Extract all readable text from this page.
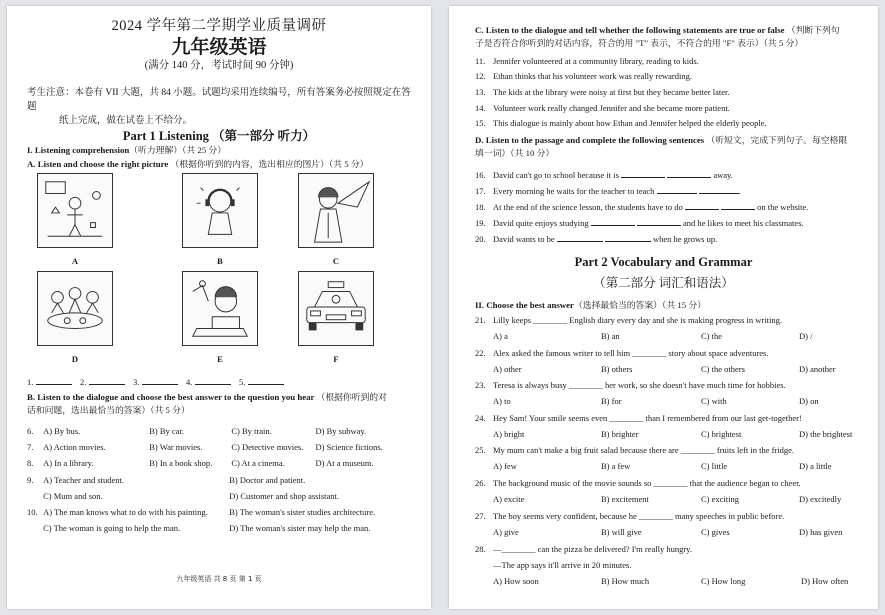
2024 学年第二学期学业质量调研
九年级英语
(满分 140 分，考试时间 90 分钟)
考生注意：本卷有 VII 大题，共 84 小题。试题均采用连续编号，所有答案务必按照规定在答题
纸上完成，做在试卷上不给分。
Part 1 Listening （第一部分 听力）
I. Listening comprehension（听力理解）（共 25 分）
A. Listen and choose the right picture （根据你听到的内容，选出相应的图片）（共 5 分）
A	B	C
D	E	F
1.	2.	3.	4.	5.
B. Listen to the dialogue and choose the best answer to the question you hear （根据你听到的对
话和问题，选出最恰当的答案）（共 5 分）
6. A) By bus.	B) By car.	C) By train.	D) By subway.
7. A) Action movies.	B) War movies.	C) Detective movies. D) Science fictions.
8. A) In a library.	B) In a book shop. C) At a cinema.	D) At a museum.
9. A) Teacher and student.	B) Doctor and patient.
C) Mum and son.	D) Customer and shop assistant.
10. A) The man knows what to do with his painting.	B) The woman's sister studies architecture.
C) The woman is going to help the man.	D) The woman's sister may help the man.
九年级英语 共 8 页 第 1 页
C. Listen to the dialogue and tell whether the following statements are true or false （判断下列句
子是否符合你听到的对话内容，符合的用 "T" 表示，不符合的用 "F" 表示）（共 5 分）
11. Jennifer volunteered at a community library, reading to kids.
12. Ethan thinks that his volunteer work was really rewarding.
13. The kids at the library were noisy at first but they became better later.
14. Volunteer work really changed Jennifer and she became more patient.
15. This dialogue is mainly about how Ethan and Jennifer helped the elderly people.
D. Listen to the passage and complete the following sentences （听短文，完成下列句子。每空格限
填一词）（共 10 分）
16. David can't go to school because it is	away.
17. Every morning he waits for the teacher to teach	.
18. At the end of the science lesson, the students have to do	on the website.
19. David quite enjoys studying	and he likes to meet his classmates.
20. David wants to be	when he grows up.
Part 2 Vocabulary and Grammar
（第二部分 词汇和语法）
II. Choose the best answer（选择最恰当的答案）（共 15 分）
28. —________ can the pizza be delivered? I'm really hungry.
—The app says it'll arrive in 20 minutes.
A) How soon	B) How much	C) How long	D) How often
21. Lilly keeps ________ English diary every day and she is making progress in writing.
A) a	B) an	C) the	D) /
22. Alex asked the famous writer to tell him ________ story about space adventures.
A) other	B) others	C) the others	D) another
23. Teresa is always busy ________ her work, so she doesn't have much time for hobbies.
A) to	B) for	C) with	D) on
24. Hey Sam! Your smile seems even ________ than I remembered from our last get-together!
A) bright	B) brighter	C) brightest	D) the brightest
25. My mum can't make a big fruit salad because there are ________ fruits left in the fridge.
A) few	B) a few	C) little	D) a little
26. The background music of the movie sounds so ________ that the audience began to cheer.
A) excite	B) excitement	C) exciting	D) excitedly
27. The boy seems very confident, because he ________ many speeches in public before.
A) give	B) will give	C) gives	D) has given
